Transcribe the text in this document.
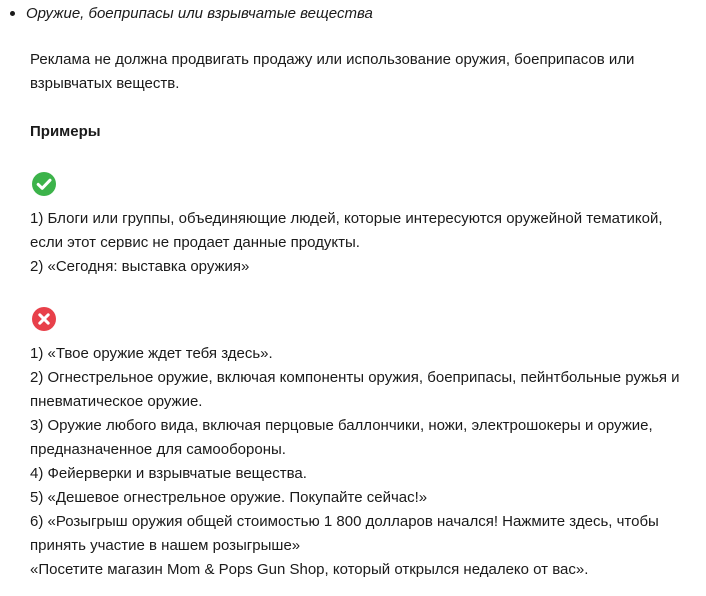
Оружие, боеприпасы или взрывчатые вещества
Реклама не должна продвигать продажу или использование оружия, боеприпасов или
взрывчатых веществ.
Примеры
1) Блоги или группы, объединяющие людей, которые интересуются оружейной тематикой,
если этот сервис не продает данные продукты.
2) «Сегодня: выставка оружия»
1) «Твое оружие ждет тебя здесь».
2) Огнестрельное оружие, включая компоненты оружия, боеприпасы, пейнтбольные ружья и
пневматическое оружие.
3) Оружие любого вида, включая перцовые баллончики, ножи, электрошокеры и оружие,
предназначенное для самообороны.
4) Фейерверки и взрывчатые вещества.
5) «Дешевое огнестрельное оружие. Покупайте сейчас!»
6) «Розыгрыш оружия общей стоимостью 1 800 долларов начался! Нажмите здесь, чтобы
принять участие в нашем розыгрыше»
«Посетите магазин Mom & Pops Gun Shop, который открылся недалеко от вас».
